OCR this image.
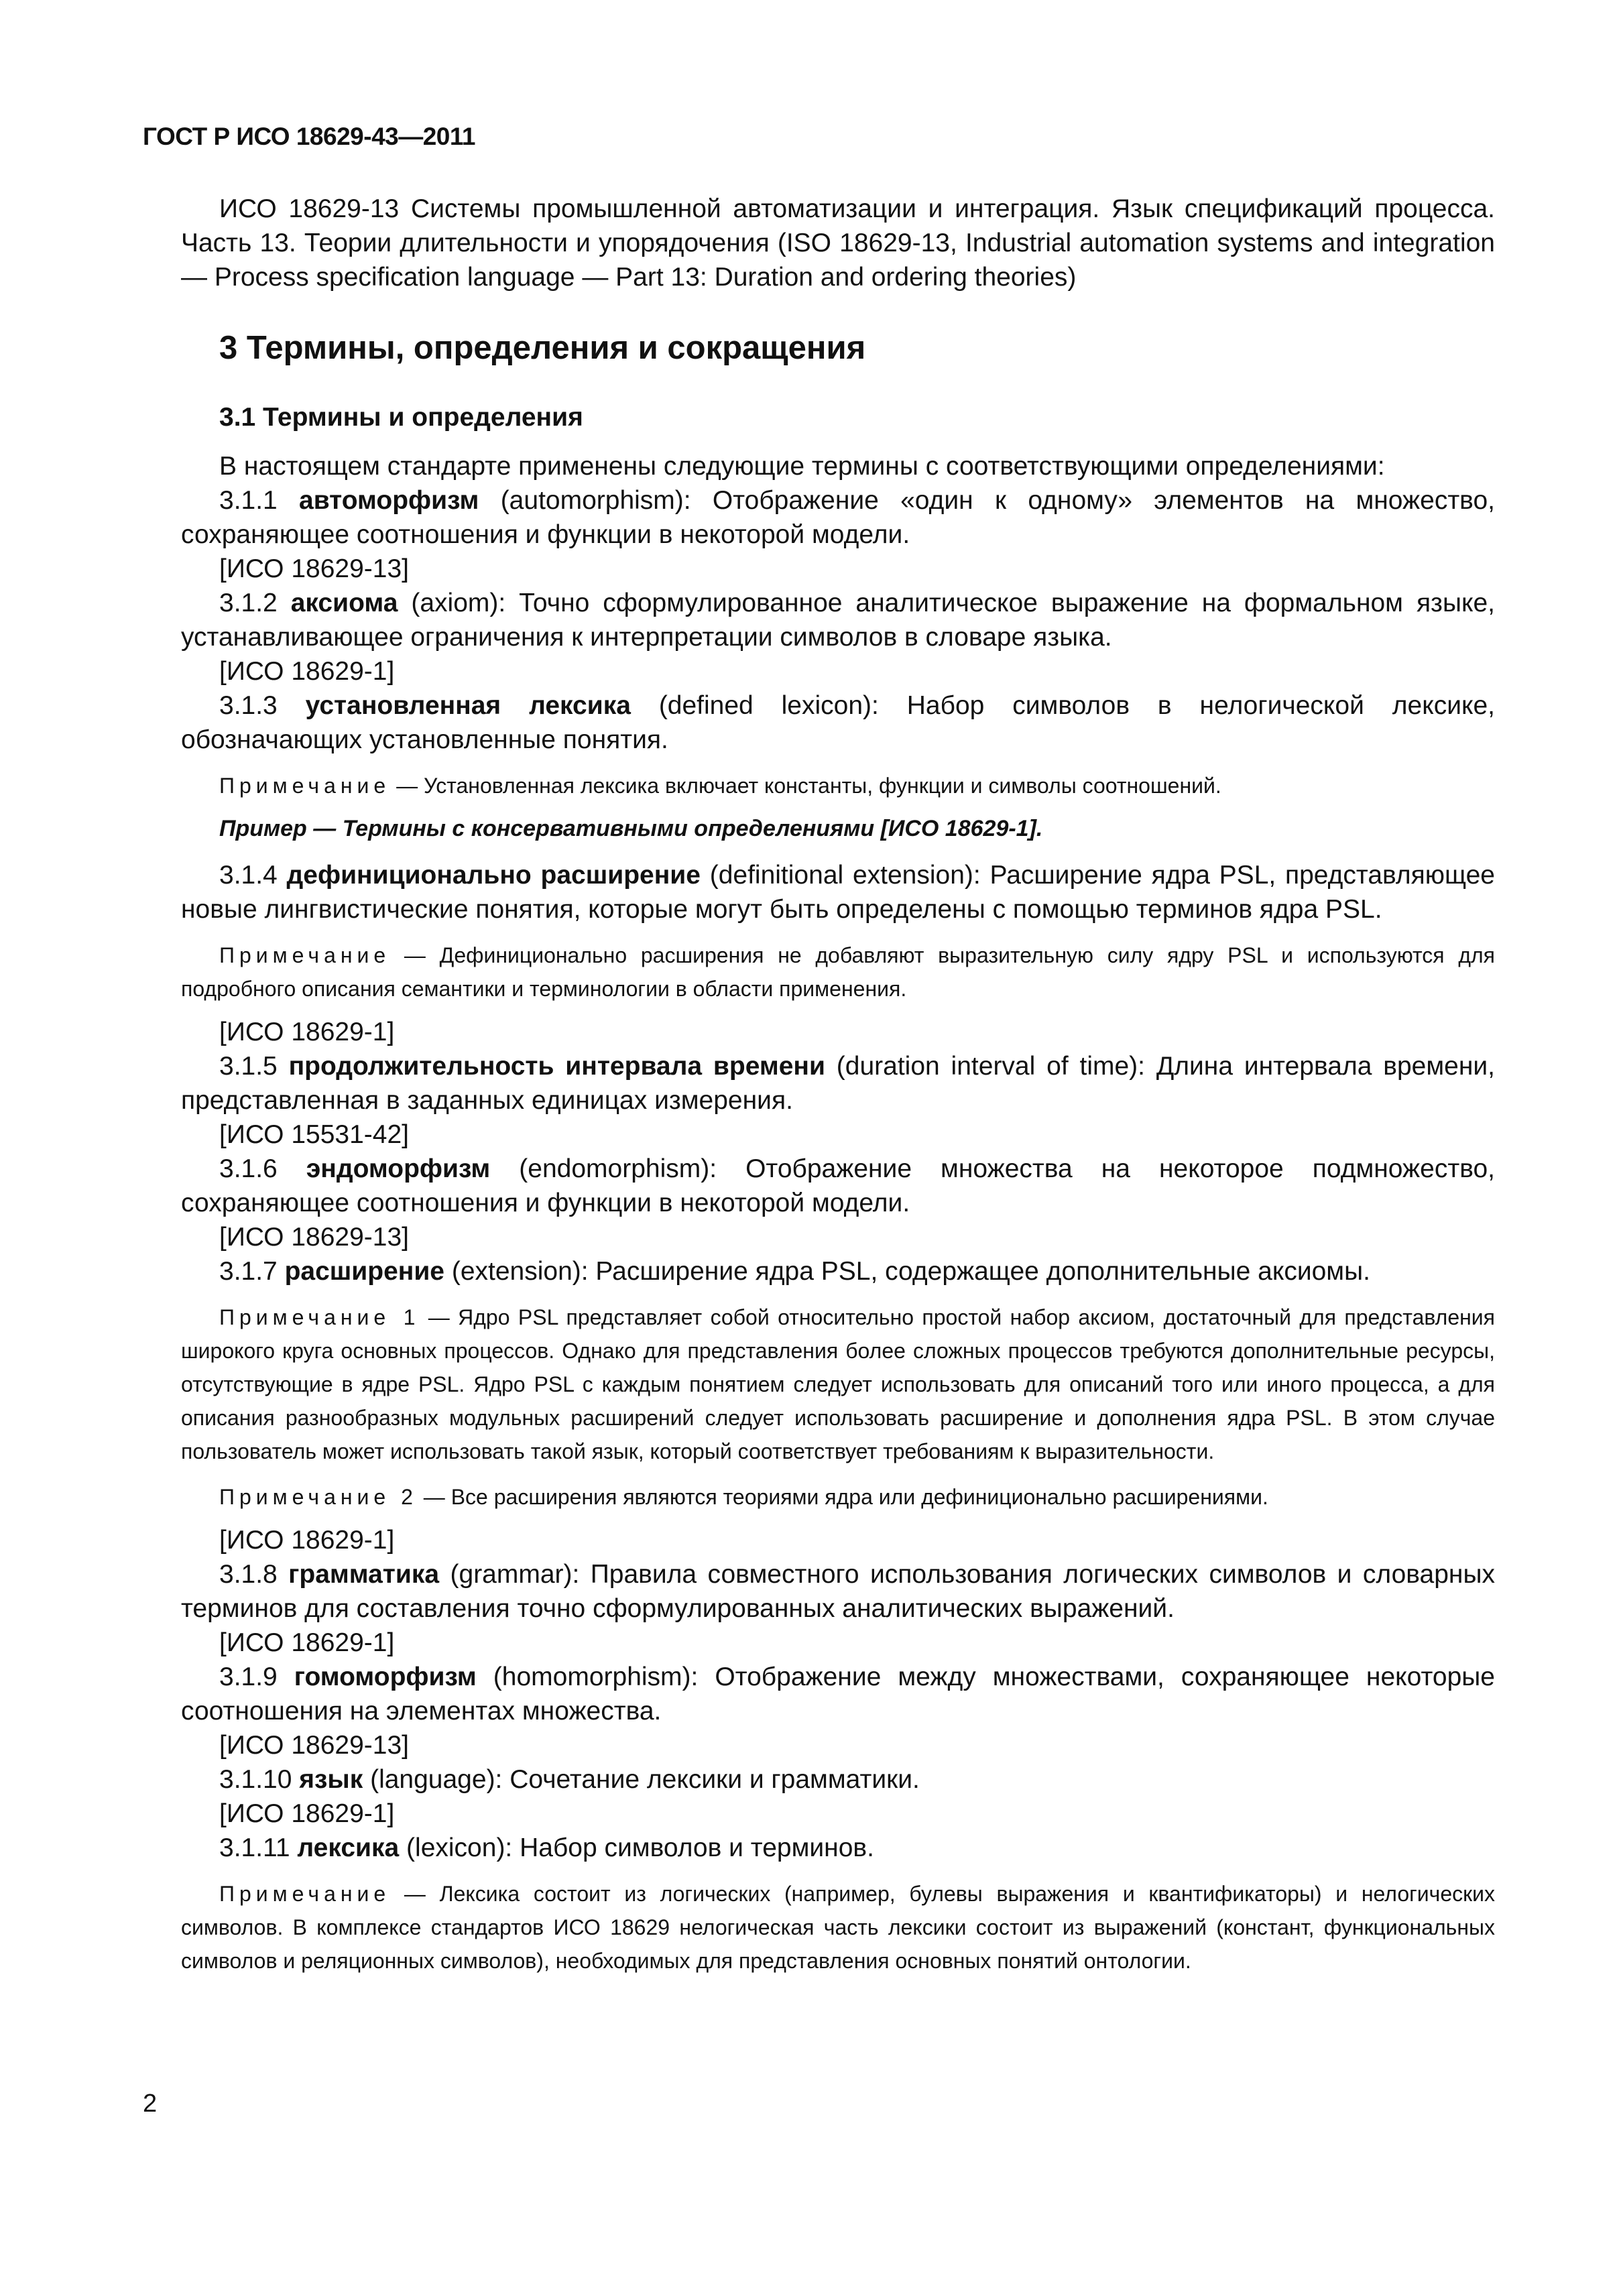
ГОСТ Р ИСО 18629-43—2011

ИСО 18629-13 Системы промышленной автоматизации и интеграция. Язык спецификаций процесса. Часть 13. Теории длительности и упорядочения (ISO 18629-13, Industrial automation systems and integration — Process specification language — Part 13: Duration and ordering theories)

3 Термины, определения и сокращения
3.1 Термины и определения

В настоящем стандарте применены следующие термины с соответствующими определениями:

3.1.1 автоморфизм (automorphism): Отображение «один к одному» элементов на множество, сохраняющее соотношения и функции в некоторой модели.

[ИСО 18629-13]

3.1.2 аксиома (axiom): Точно сформулированное аналитическое выражение на формальном языке, устанавливающее ограничения к интерпретации символов в словаре языка.

[ИСО 18629-1]

3.1.3 установленная лексика (defined lexicon): Набор символов в нелогической лексике, обозначающих установленные понятия.

Примечание — Установленная лексика включает константы, функции и символы соотношений.

Пример — Термины с консервативными определениями [ИСО 18629-1].

3.1.4 дефиниционально расширение (definitional extension): Расширение ядра PSL, представляющее новые лингвистические понятия, которые могут быть определены с помощью терминов ядра PSL.

Примечание — Дефиниционально расширения не добавляют выразительную силу ядру PSL и используются для подробного описания семантики и терминологии в области применения.

[ИСО 18629-1]

3.1.5 продолжительность интервала времени (duration interval of time): Длина интервала времени, представленная в заданных единицах измерения.

[ИСО 15531-42]

3.1.6 эндоморфизм (endomorphism): Отображение множества на некоторое подмножество, сохраняющее соотношения и функции в некоторой модели.

[ИСО 18629-13]

3.1.7 расширение (extension): Расширение ядра PSL, содержащее дополнительные аксиомы.

Примечание 1 — Ядро PSL представляет собой относительно простой набор аксиом, достаточный для представления широкого круга основных процессов. Однако для представления более сложных процессов требуются дополнительные ресурсы, отсутствующие в ядре PSL. Ядро PSL с каждым понятием следует использовать для описаний того или иного процесса, а для описания разнообразных модульных расширений следует использовать расширение и дополнения ядра PSL. В этом случае пользователь может использовать такой язык, который соответствует требованиям к выразительности.

Примечание 2 — Все расширения являются теориями ядра или дефиниционально расширениями.

[ИСО 18629-1]

3.1.8 грамматика (grammar): Правила совместного использования логических символов и словарных терминов для составления точно сформулированных аналитических выражений.

[ИСО 18629-1]

3.1.9 гомоморфизм (homomorphism): Отображение между множествами, сохраняющее некоторые соотношения на элементах множества.

[ИСО 18629-13]

3.1.10 язык (language): Сочетание лексики и грамматики.

[ИСО 18629-1]

3.1.11 лексика (lexicon): Набор символов и терминов.

Примечание — Лексика состоит из логических (например, булевы выражения и квантификаторы) и нелогических символов. В комплексе стандартов ИСО 18629 нелогическая часть лексики состоит из выражений (констант, функциональных символов и реляционных символов), необходимых для представления основных понятий онтологии.

2
